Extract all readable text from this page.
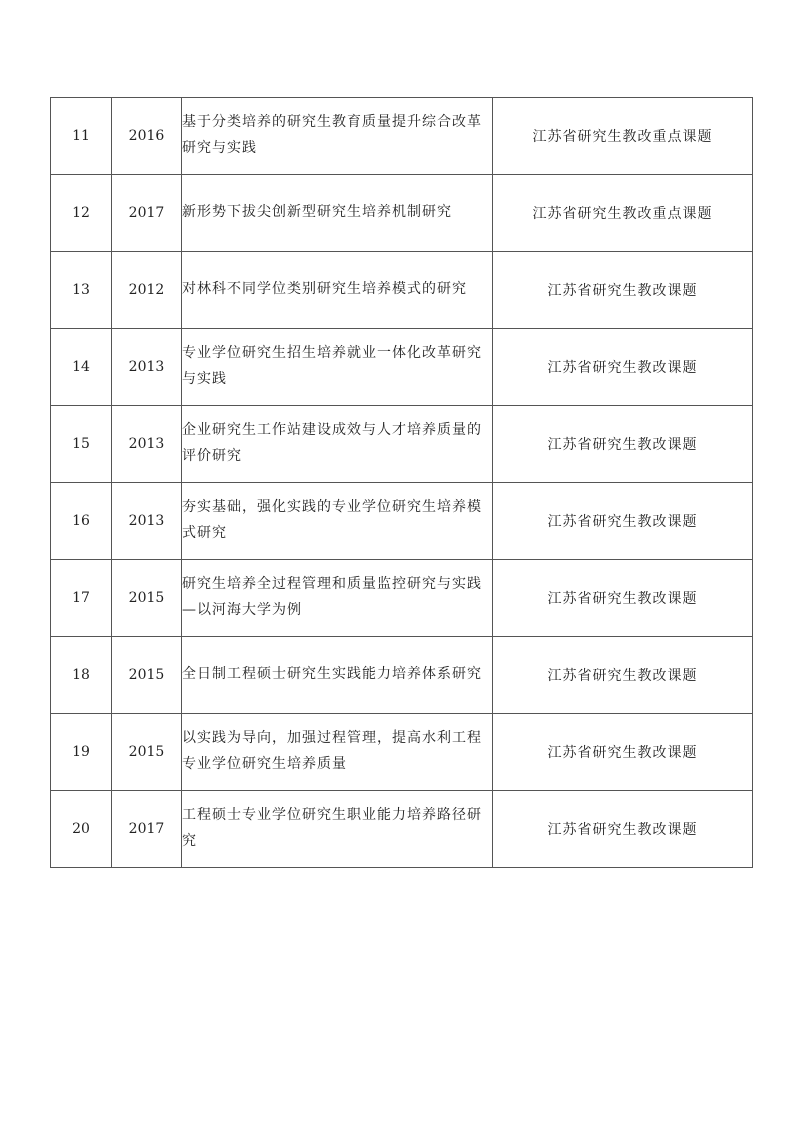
11	2016	基于分类培养的研究生教育质量提升综合改革研究与实践	江苏省研究生教改重点课题
12	2017	新形势下拔尖创新型研究生培养机制研究	江苏省研究生教改重点课题
13	2012	对林科不同学位类别研究生培养模式的研究	江苏省研究生教改课题
14	2013	专业学位研究生招生培养就业一体化改革研究与实践	江苏省研究生教改课题
15	2013	企业研究生工作站建设成效与人才培养质量的评价研究	江苏省研究生教改课题
16	2013	夯实基础，强化实践的专业学位研究生培养模式研究	江苏省研究生教改课题
17	2015	研究生培养全过程管理和质量监控研究与实践—以河海大学为例	江苏省研究生教改课题
18	2015	全日制工程硕士研究生实践能力培养体系研究	江苏省研究生教改课题
19	2015	以实践为导向，加强过程管理，提高水利工程专业学位研究生培养质量	江苏省研究生教改课题
20	2017	工程硕士专业学位研究生职业能力培养路径研究	江苏省研究生教改课题
